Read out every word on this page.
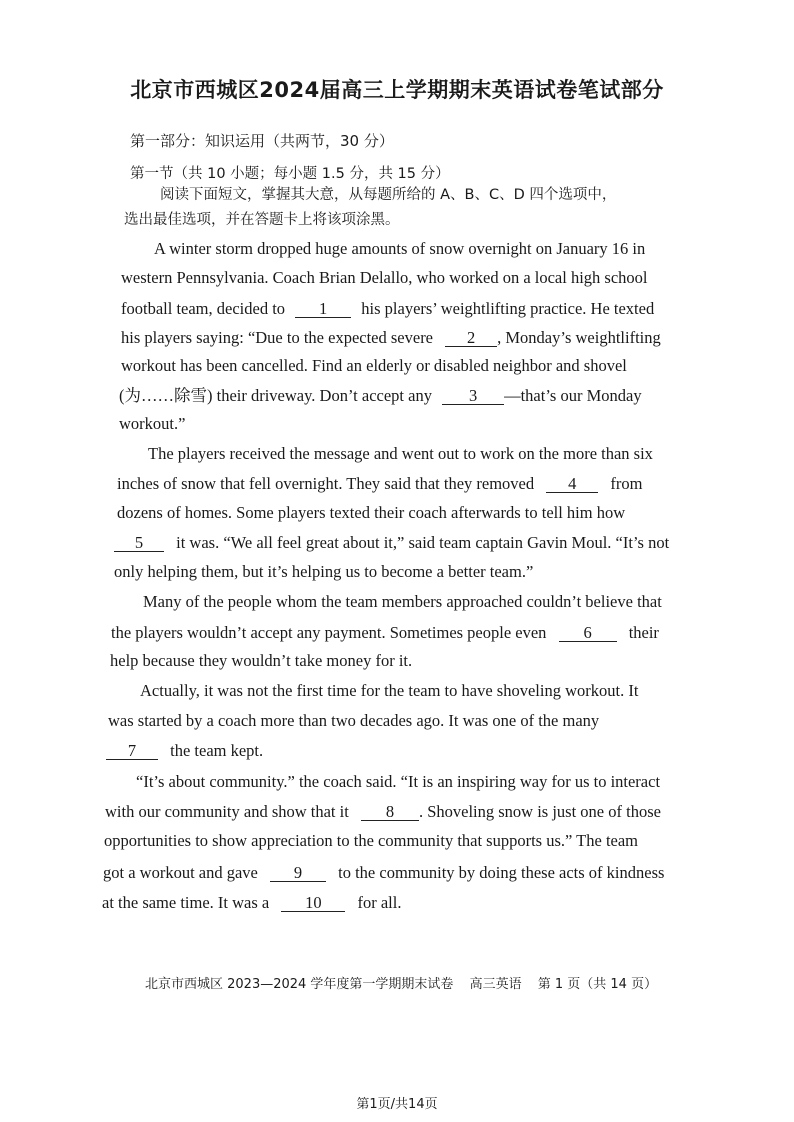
北京市西城区2024届高三上学期期末英语试卷笔试部分
第一部分：知识运用（共两节，30 分）
第一节（共 10 小题；每小题 1.5 分，共 15 分）
阅读下面短文，掌握其大意，从每题所给的 A、B、C、D 四个选项中，
选出最佳选项，并在答题卡上将该项涂黑。
A winter storm dropped huge amounts of snow overnight on January 16 in
western Pennsylvania. Coach Brian Delallo, who worked on a local high school
football team, decided to 1 his players’ weightlifting practice. He texted
his players saying: “Due to the expected severe 2 , Monday’s weightlifting
workout has been cancelled. Find an elderly or disabled neighbor and shovel
(为……除雪) their driveway. Don’t accept any 3 —that’s our Monday
workout.”
The players received the message and went out to work on the more than six
inches of snow that fell overnight. They said that they removed 4 from
dozens of homes. Some players texted their coach afterwards to tell him how
5 it was. “We all feel great about it,” said team captain Gavin Moul. “It’s not
only helping them, but it’s helping us to become a better team.”
Many of the people whom the team members approached couldn’t believe that
the players wouldn’t accept any payment. Sometimes people even 6 their
help because they wouldn’t take money for it.
Actually, it was not the first time for the team to have shoveling workout. It
was started by a coach more than two decades ago. It was one of the many
7 the team kept.
“It’s about community.” the coach said. “It is an inspiring way for us to interact
with our community and show that it 8 . Shoveling snow is just one of those
opportunities to show appreciation to the community that supports us.” The team
got a workout and gave 9 to the community by doing these acts of kindness
at the same time. It was a 10 for all.
北京市西城区 2023—2024 学年度第一学期期末试卷 高三英语 第 1 页（共 14 页）
第1页/共14页
